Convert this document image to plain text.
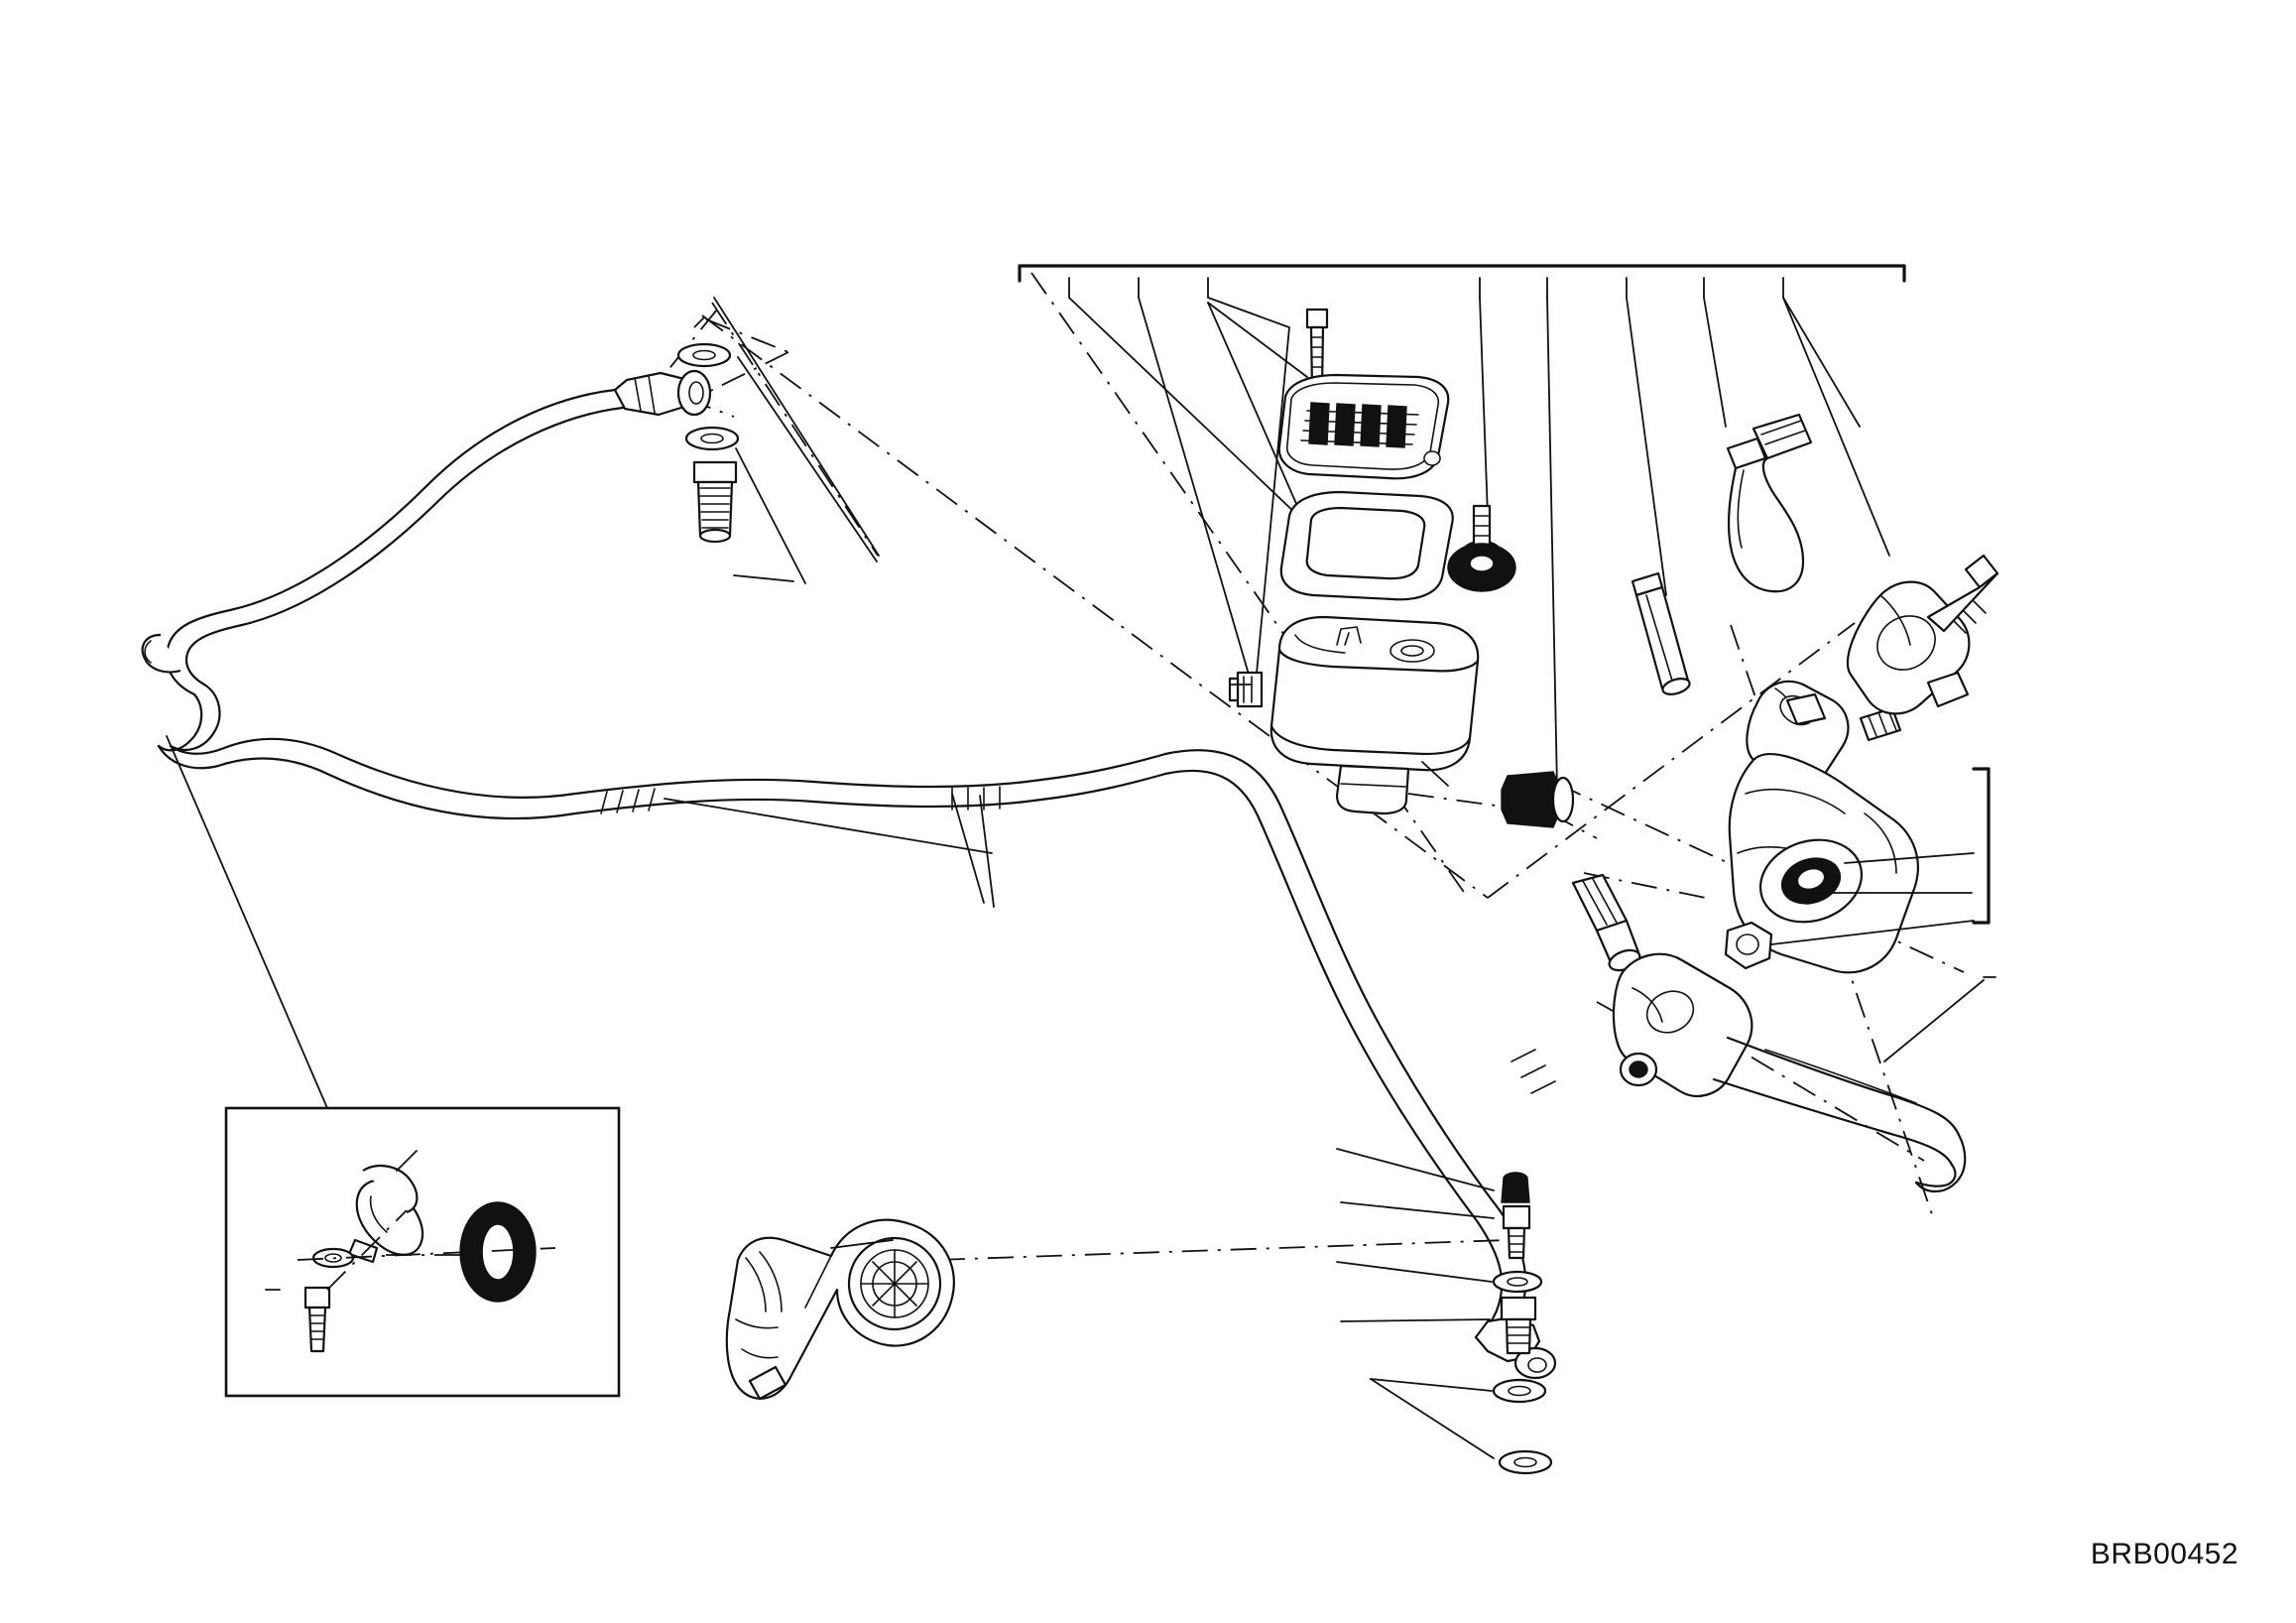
BRB00452
